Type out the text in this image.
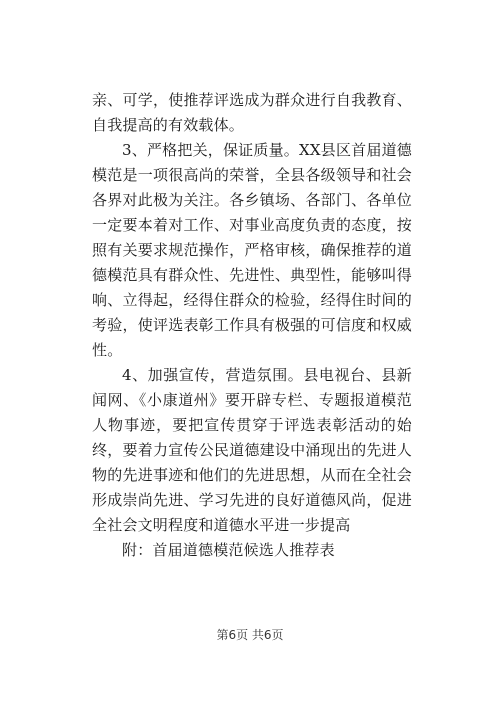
亲、可学，使推荐评选成为群众进行自我教育、自我提高的有效载体。

3、严格把关，保证质量。XX县区首届道德模范是一项很高尚的荣誉，全县各级领导和社会各界对此极为关注。各乡镇场、各部门、各单位一定要本着对工作、对事业高度负责的态度，按照有关要求规范操作，严格审核，确保推荐的道德模范具有群众性、先进性、典型性，能够叫得响、立得起，经得住群众的检验，经得住时间的考验，使评选表彰工作具有极强的可信度和权威性。

4、加强宣传，营造氛围。县电视台、县新闻网、《小康道州》要开辟专栏、专题报道模范人物事迹，要把宣传贯穿于评选表彰活动的始终，要着力宣传公民道德建设中涌现出的先进人物的先进事迹和他们的先进思想，从而在全社会形成崇尚先进、学习先进的良好道德风尚，促进全社会文明程度和道德水平进一步提高

附：首届道德模范候选人推荐表

第6页 共6页
